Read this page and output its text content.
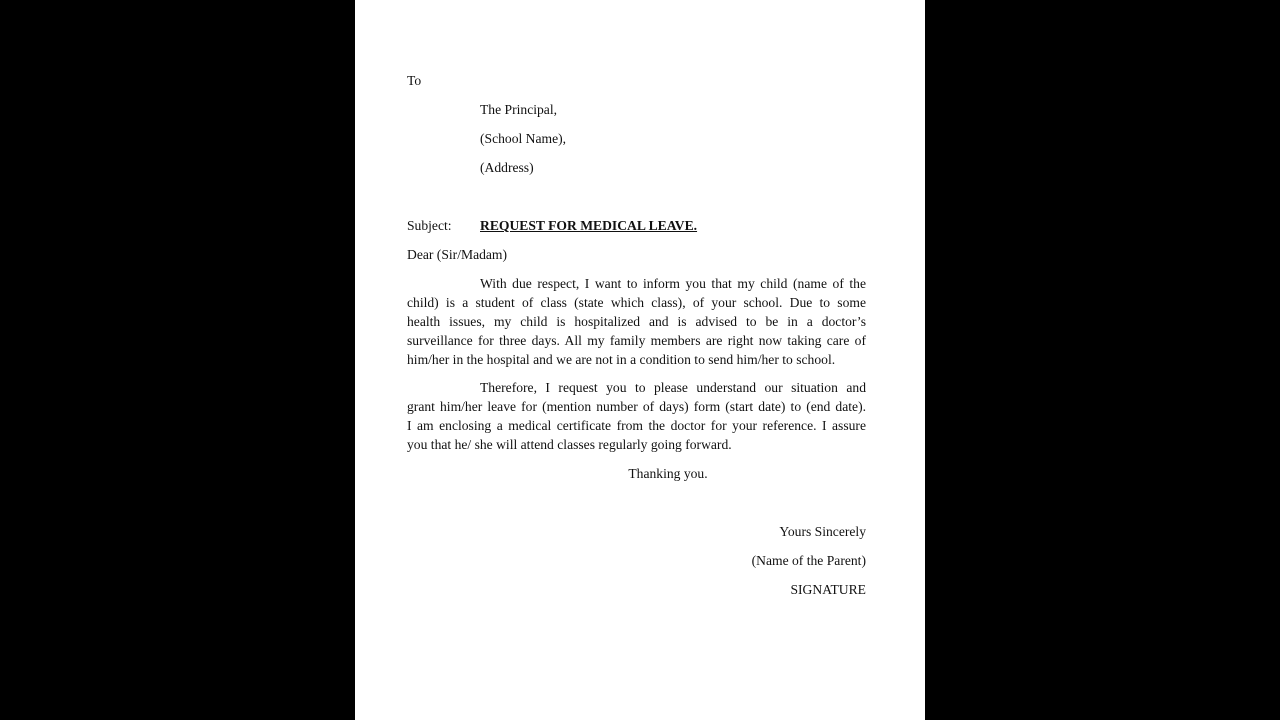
To
The Principal,
(School Name),
(Address)
Subject: REQUEST FOR MEDICAL LEAVE.
Dear (Sir/Madam)
With due respect, I want to inform you that my child (name of the
child) is a student of class (state which class), of your school. Due to some
health issues, my child is hospitalized and is advised to be in a doctor’s
surveillance for three days. All my family members are right now taking care of
him/her in the hospital and we are not in a condition to send him/her to school.
Therefore, I request you to please understand our situation and
grant him/her leave for (mention number of days) form (start date) to (end date).
I am enclosing a medical certificate from the doctor for your reference. I assure
you that he/ she will attend classes regularly going forward.
Thanking you.
Yours Sincerely
(Name of the Parent)
SIGNATURE
